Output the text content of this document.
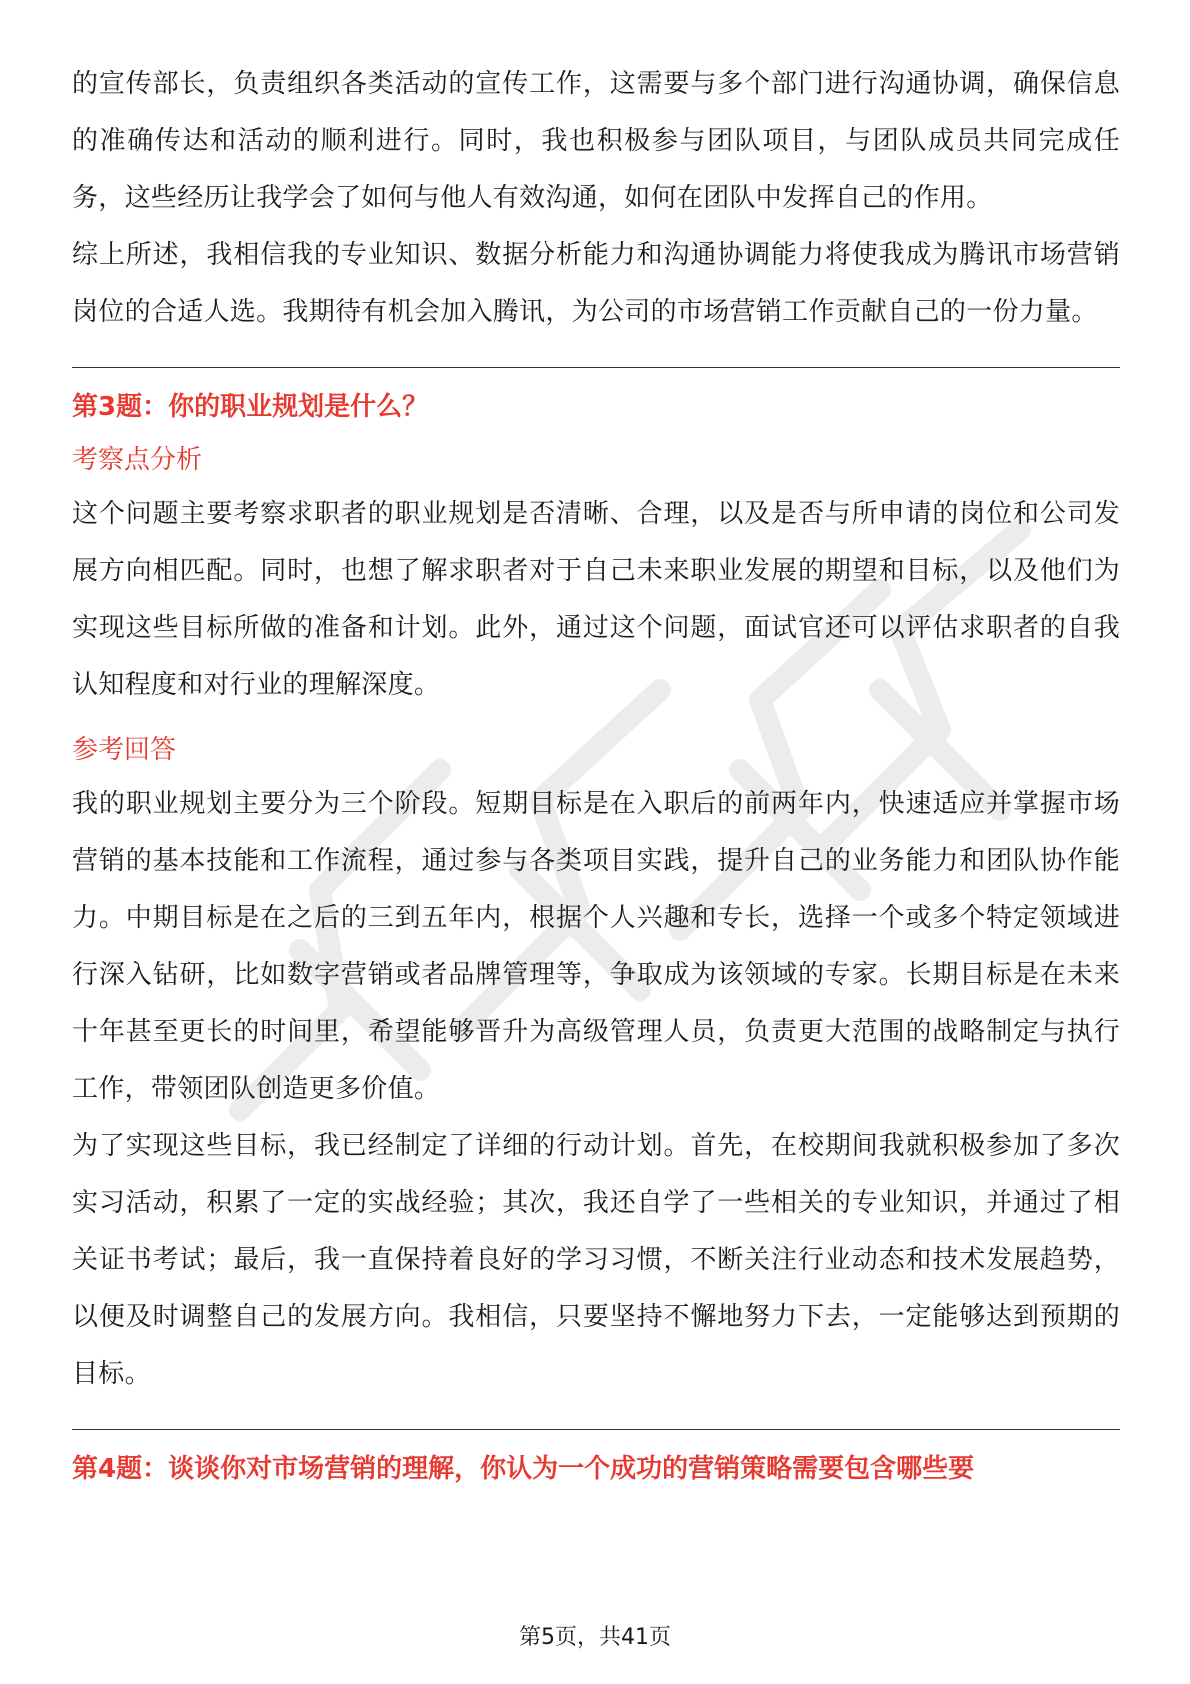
的宣传部长，负责组织各类活动的宣传工作，这需要与多个部门进行沟通协调，确保信息的准确传达和活动的顺利进行。同时，我也积极参与团队项目，与团队成员共同完成任务，这些经历让我学会了如何与他人有效沟通，如何在团队中发挥自己的作用。

综上所述，我相信我的专业知识、数据分析能力和沟通协调能力将使我成为腾讯市场营销岗位的合适人选。我期待有机会加入腾讯，为公司的市场营销工作贡献自己的一份力量。

第3题：你的职业规划是什么？

考察点分析

这个问题主要考察求职者的职业规划是否清晰、合理，以及是否与所申请的岗位和公司发展方向相匹配。同时，也想了解求职者对于自己未来职业发展的期望和目标，以及他们为实现这些目标所做的准备和计划。此外，通过这个问题，面试官还可以评估求职者的自我认知程度和对行业的理解深度。

参考回答

我的职业规划主要分为三个阶段。短期目标是在入职后的前两年内，快速适应并掌握市场营销的基本技能和工作流程，通过参与各类项目实践，提升自己的业务能力和团队协作能力。中期目标是在之后的三到五年内，根据个人兴趣和专长，选择一个或多个特定领域进行深入钻研，比如数字营销或者品牌管理等，争取成为该领域的专家。长期目标是在未来十年甚至更长的时间里，希望能够晋升为高级管理人员，负责更大范围的战略制定与执行工作，带领团队创造更多价值。

为了实现这些目标，我已经制定了详细的行动计划。首先，在校期间我就积极参加了多次实习活动，积累了一定的实战经验；其次，我还自学了一些相关的专业知识，并通过了相关证书考试；最后，我一直保持着良好的学习习惯，不断关注行业动态和技术发展趋势，以便及时调整自己的发展方向。我相信，只要坚持不懈地努力下去，一定能够达到预期的目标。

第4题：谈谈你对市场营销的理解，你认为一个成功的营销策略需要包含哪些要

第5页，共41页
